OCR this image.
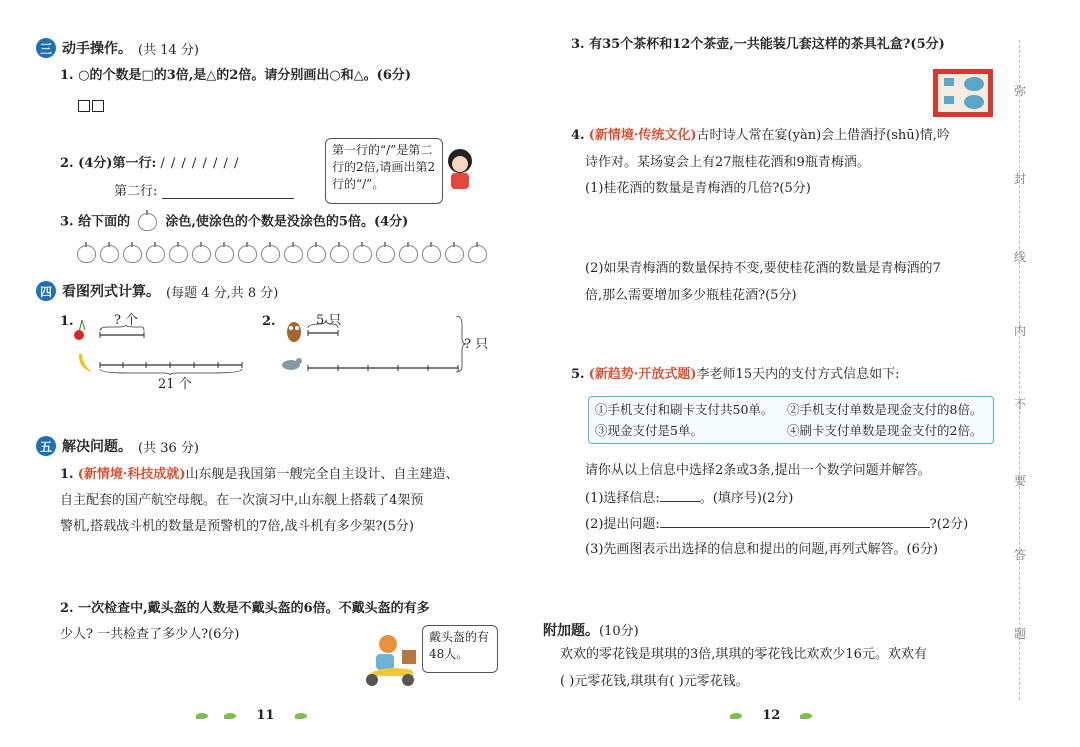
三 动手操作。 (共 14 分)
1. ○的个数是□的3倍,是△的2倍。请分别画出○和△。(6分)
2. (4分)第一行: / / / / / / / /
第二行:
第一行的“/”是第二行的2倍,请画出第2行的“/”。
3. 给下面的	涂色,使涂色的个数是没涂色的5倍。(4分)
四 看图列式计算。 (每题 4 分,共 8 分)
1.	? 个
21 个
2.	5 只
? 只
五 解决问题。 (共 36 分)
1. (新情境·科技成就)山东舰是我国第一艘完全自主设计、自主建造、
自主配套的国产航空母舰。在一次演习中,山东舰上搭载了4架预
警机,搭载战斗机的数量是预警机的7倍,战斗机有多少架?(5分)
2. 一次检查中,戴头盔的人数是不戴头盔的6倍。不戴头盔的有多
少人? 一共检查了多少人?(6分)	戴头盔的有48人。
11
3. 有35个茶杯和12个茶壶,一共能装几套这样的茶具礼盒?(5分)
4. (新情境·传统文化)古时诗人常在宴(yàn)会上借酒抒(shū)情,吟
诗作对。某场宴会上有27瓶桂花酒和9瓶青梅酒。
(1)桂花酒的数量是青梅酒的几倍?(5分)
(2)如果青梅酒的数量保持不变,要使桂花酒的数量是青梅酒的7
倍,那么需要增加多少瓶桂花酒?(5分)
5. (新趋势·开放式题)李老师15天内的支付方式信息如下:
①手机支付和刷卡支付共50单。 ②手机支付单数是现金支付的8倍。
③现金支付是5单。	④刷卡支付单数是现金支付的2倍。
请你从以上信息中选择2条或3条,提出一个数学问题并解答。
(1)选择信息:	。(填序号)(2分)
(2)提出问题:	?(2分)
(3)先画图表示出选择的信息和提出的问题,再列式解答。(6分)
附加题。(10分)
欢欢的零花钱是琪琪的3倍,琪琪的零花钱比欢欢少16元。欢欢有
( )元零花钱,琪琪有( )元零花钱。
12
弥
封
线
内
不
要
答
题
